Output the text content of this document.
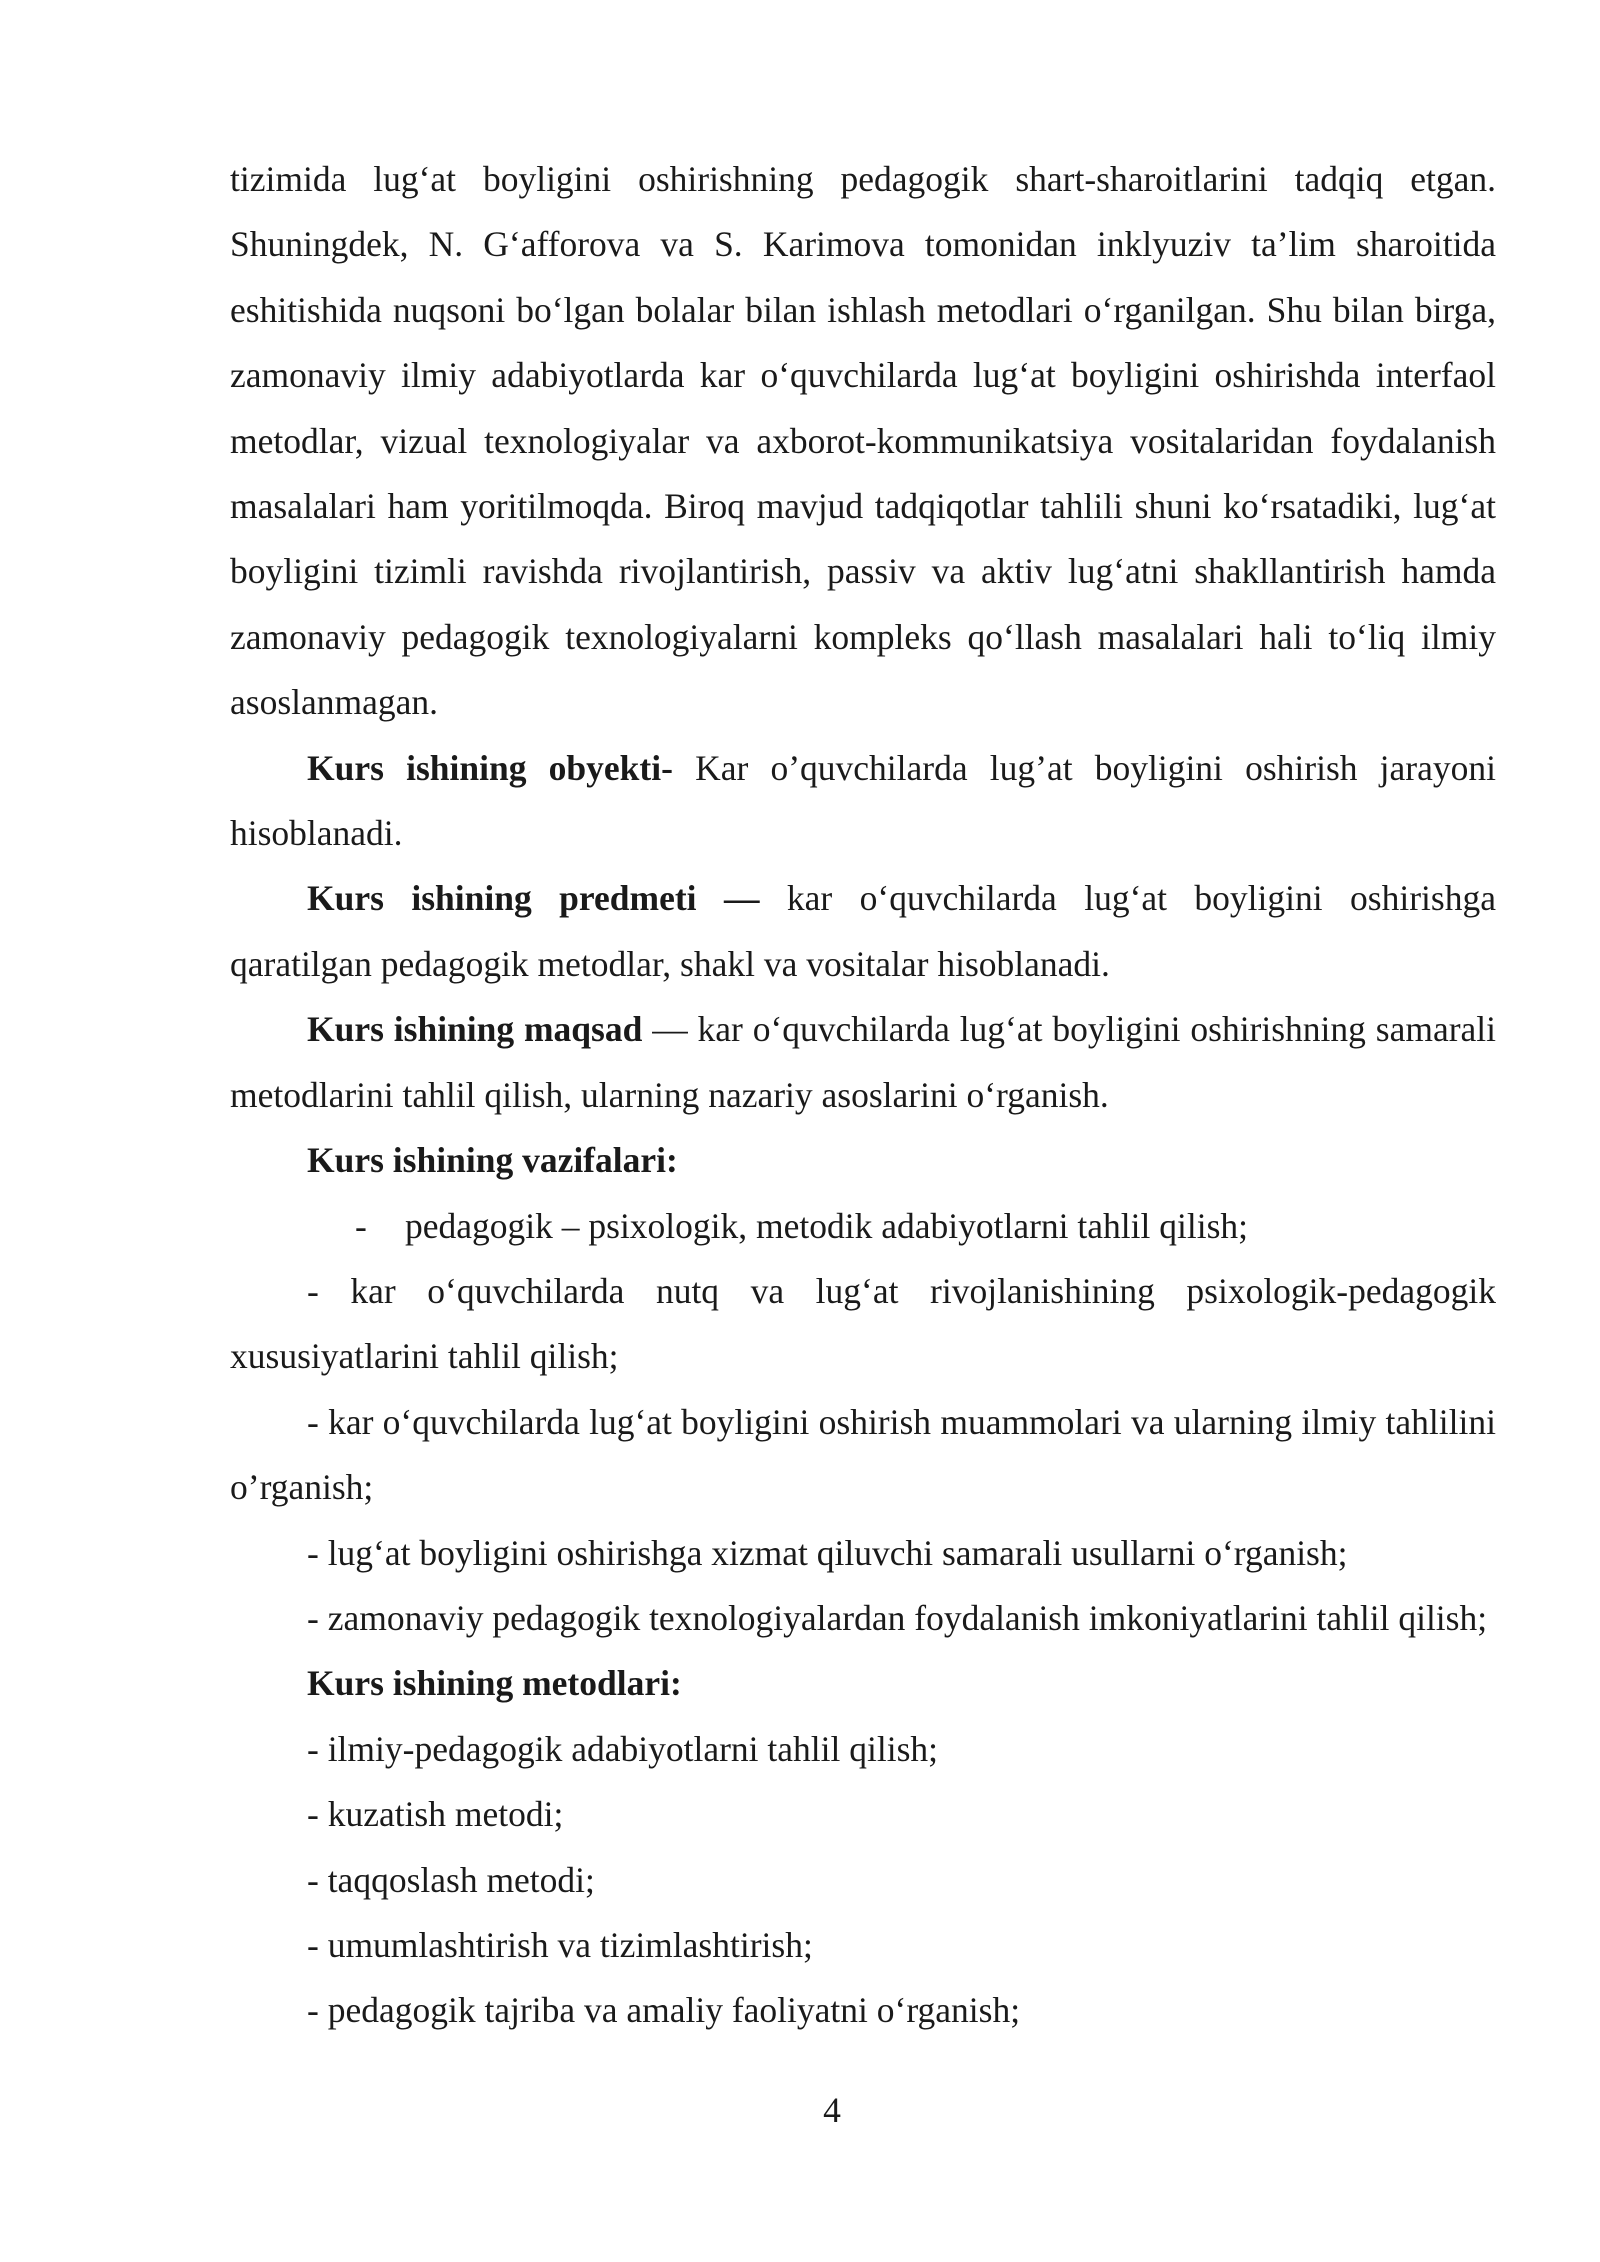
tizimida lug‘at boyligini oshirishning pedagogik shart-sharoitlarini tadqiq etgan. Shuningdek, N. G‘afforova va S. Karimova tomonidan inklyuziv ta’lim sharoitida eshitishida nuqsoni bo‘lgan bolalar bilan ishlash metodlari o‘rganilgan. Shu bilan birga, zamonaviy ilmiy adabiyotlarda kar o‘quvchilarda lug‘at boyligini oshirishda interfaol metodlar, vizual texnologiyalar va axborot-kommunikatsiya vositalaridan foydalanish masalalari ham yoritilmoqda. Biroq mavjud tadqiqotlar tahlili shuni ko‘rsatadiki, lug‘at boyligini tizimli ravishda rivojlantirish, passiv va aktiv lug‘atni shakllantirish hamda zamonaviy pedagogik texnologiyalarni kompleks qo‘llash masalalari hali to‘liq ilmiy asoslanmagan.

Kurs ishining obyekti- Kar o’quvchilarda lug’at boyligini oshirish jarayoni hisoblanadi.

Kurs ishining predmeti — kar o‘quvchilarda lug‘at boyligini oshirishga qaratilgan pedagogik metodlar, shakl va vositalar hisoblanadi.

Kurs ishining maqsad — kar o‘quvchilarda lug‘at boyligini oshirishning samarali metodlarini tahlil qilish, ularning nazariy asoslarini o‘rganish.

Kurs ishining vazifalari:

-	pedagogik – psixologik, metodik adabiyotlarni tahlil qilish;

- kar o‘quvchilarda nutq va lug‘at rivojlanishining psixologik-pedagogik xususiyatlarini tahlil qilish;

- kar o‘quvchilarda lug‘at boyligini oshirish muammolari va ularning ilmiy tahlilini o’rganish;

- lug‘at boyligini oshirishga xizmat qiluvchi samarali usullarni o‘rganish;

- zamonaviy pedagogik texnologiyalardan foydalanish imkoniyatlarini tahlil qilish;

Kurs ishining metodlari:

- ilmiy-pedagogik adabiyotlarni tahlil qilish;

- kuzatish metodi;

- taqqoslash metodi;

- umumlashtirish va tizimlashtirish;

- pedagogik tajriba va amaliy faoliyatni o‘rganish;

4
